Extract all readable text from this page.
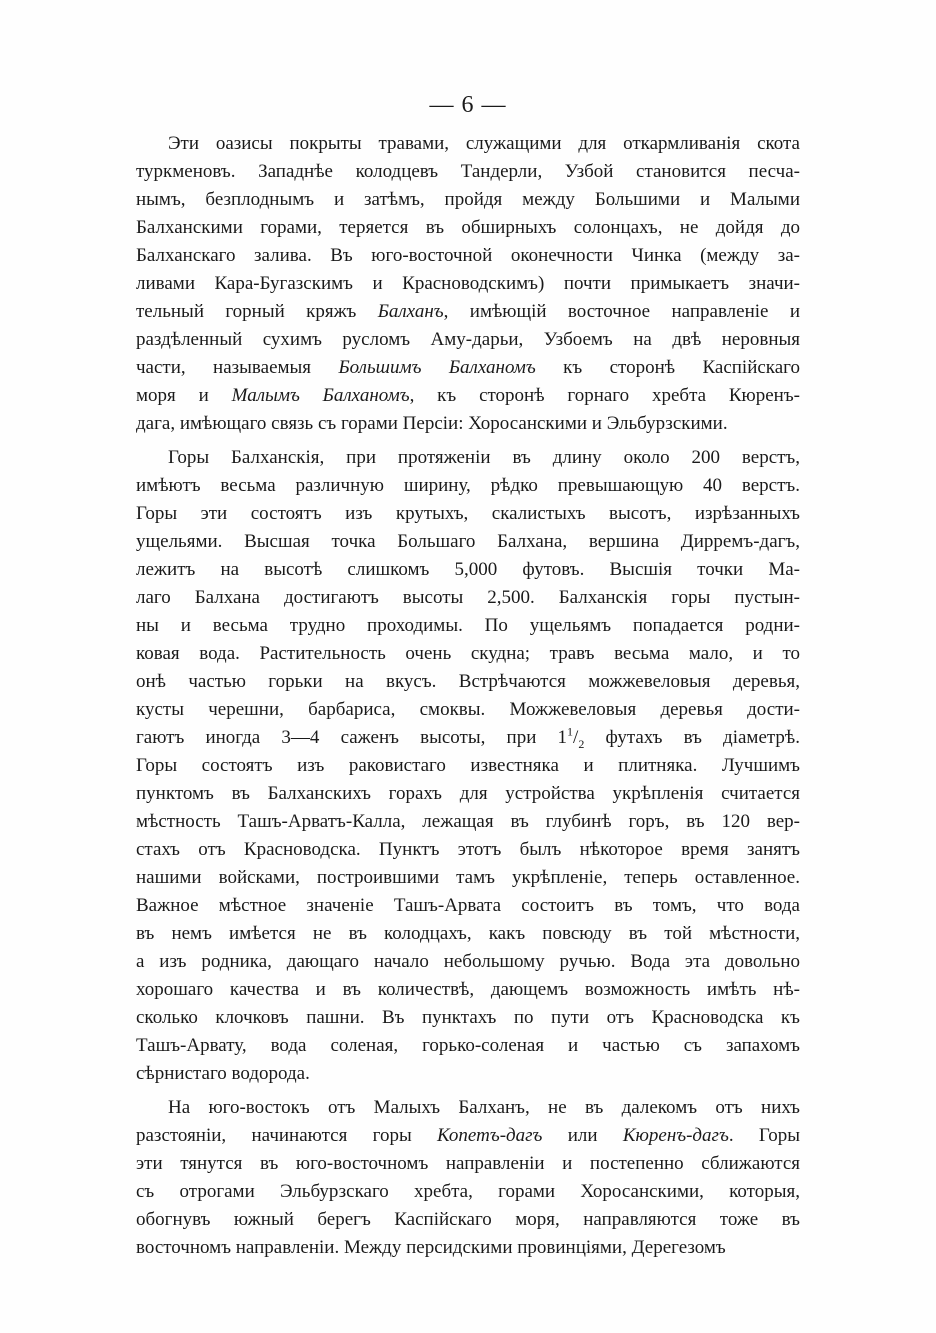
— 6 —
Эти оазисы покрыты травами, служащими для откармливанія скота
туркменовъ. Западнѣе колодцевъ Тандерли, Узбой становится песча-
нымъ, безплоднымъ и затѣмъ, пройдя между Большими и Малыми
Балханскими горами, теряется въ обширныхъ солонцахъ, не дойдя до
Балханскаго залива. Въ юго-восточной оконечности Чинка (между за-
ливами Кара-Бугазскимъ и Красноводскимъ) почти примыкаетъ значи-
тельный горный кряжъ Балханъ, имѣющій восточное направленіе и
раздѣленный сухимъ русломъ Аму-дарьи, Узбоемъ на двѣ неровныя
части, называемыя Большимъ Балханомъ къ сторонѣ Каспійскаго
моря и Малымъ Балханомъ, къ сторонѣ горнаго хребта Кюренъ-
дага, имѣющаго связь съ горами Персіи: Хоросанскими и Эльбурзскими.
Горы Балханскія, при протяженіи въ длину около 200 верстъ,
имѣютъ весьма различную ширину, рѣдко превышающую 40 верстъ.
Горы эти состоятъ изъ крутыхъ, скалистыхъ высотъ, изрѣзанныхъ
ущельями. Высшая точка Большаго Балхана, вершина Дирремъ-дагъ,
лежитъ на высотѣ слишкомъ 5,000 футовъ. Высшія точки Ма-
лаго Балхана достигаютъ высоты 2,500. Балханскія горы пустын-
ны и весьма трудно проходимы. По ущельямъ попадается родни-
ковая вода. Растительность очень скудна; травъ весьма мало, и то
онѣ частью горьки на вкусъ. Встрѣчаются можжевеловыя деревья,
кусты черешни, барбариса, смоквы. Можжевеловыя деревья дости-
гаютъ иногда 3—4 саженъ высоты, при $1^1/_2$ футахъ въ діаметрѣ.
Горы состоятъ изъ раковистаго известняка и плитняка. Лучшимъ
пунктомъ въ Балханскихъ горахъ для устройства укрѣпленія считается
мѣстность Ташъ-Арватъ-Калла, лежащая въ глубинѣ горъ, въ 120 вер-
стахъ отъ Красноводска. Пунктъ этотъ былъ нѣкоторое время занятъ
нашими войсками, построившими тамъ укрѣпленіе, теперь оставленное.
Важное мѣстное значеніе Ташъ-Арвата состоитъ въ томъ, что вода
въ немъ имѣется не въ колодцахъ, какъ повсюду въ той мѣстности,
а изъ родника, дающаго начало небольшому ручью. Вода эта довольно
хорошаго качества и въ количествѣ, дающемъ возможность имѣть нѣ-
сколько клочковъ пашни. Въ пунктахъ по пути отъ Красноводска къ
Ташъ-Арвату, вода соленая, горько-соленая и частью съ запахомъ
сѣрнистаго водорода.
На юго-востокъ отъ Малыхъ Балханъ, не въ далекомъ отъ нихъ
разстояніи, начинаются горы Копетъ-дагъ или Кюренъ-дагъ. Горы
эти тянутся въ юго-восточномъ направленіи и постепенно сближаются
съ отрогами Эльбурзскаго хребта, горами Хоросанскими, которыя,
обогнувъ южный берегъ Каспійскаго моря, направляются тоже въ
восточномъ направленіи. Между персидскими провинціями, Дерегезомъ
